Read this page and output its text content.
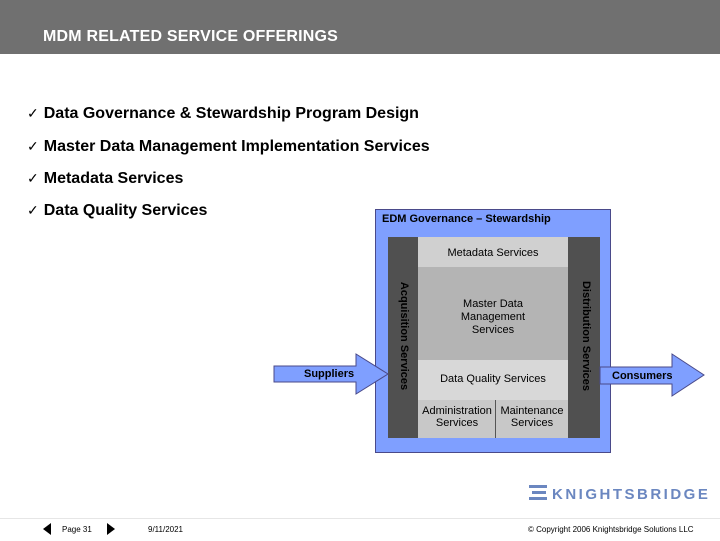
MDM RELATED SERVICE OFFERINGS
✓ Data Governance & Stewardship Program Design
✓ Master Data Management Implementation Services
✓ Metadata Services
✓ Data Quality Services	EDM Governance – Stewardship
Metadata Services
Master Data
Management
Services
Data Quality Services
Administration
Services
Maintenance
Services
Acquisition Services	Distribution Services
Suppliers	Consumers
KNIGHTSBRIDGE
Page 31	9/11/2021	© Copyright 2006 Knightsbridge Solutions LLC
